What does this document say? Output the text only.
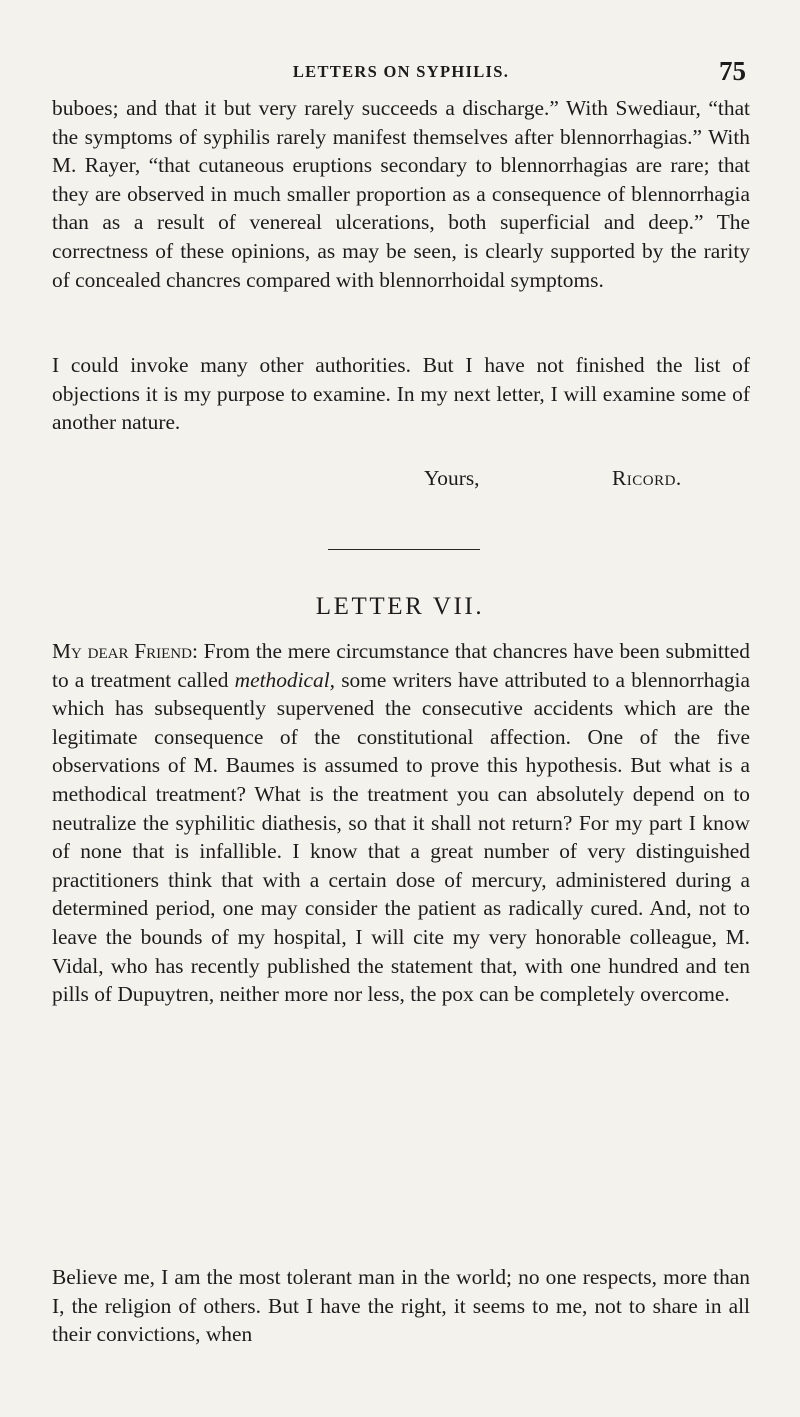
LETTERS ON SYPHILIS.	75

buboes; and that it but very rarely succeeds a discharge.” With Swediaur, “that the symptoms of syphilis rarely manifest themselves after blennorrhagias.” With M. Rayer, “that cutaneous eruptions secondary to blennorrhagias are rare; that they are observed in much smaller proportion as a consequence of blennorrhagia than as a result of venereal ulcerations, both superficial and deep.” The correctness of these opinions, as may be seen, is clearly supported by the rarity of concealed chancres compared with blennorrhoidal symptoms.

I could invoke many other authorities. But I have not finished the list of objections it is my purpose to examine. In my next letter, I will examine some of another nature.

Yours,	Ricord.
LETTER VII.

My dear Friend: From the mere circumstance that chancres have been submitted to a treatment called methodical, some writers have attributed to a blennorrhagia which has subsequently supervened the consecutive accidents which are the legitimate consequence of the constitutional affection. One of the five observations of M. Baumes is assumed to prove this hypothesis. But what is a methodical treatment? What is the treatment you can absolutely depend on to neutralize the syphilitic diathesis, so that it shall not return? For my part I know of none that is infallible. I know that a great number of very distinguished practitioners think that with a certain dose of mercury, administered during a determined period, one may consider the patient as radically cured. And, not to leave the bounds of my hospital, I will cite my very honorable colleague, M. Vidal, who has recently published the statement that, with one hundred and ten pills of Dupuytren, neither more nor less, the pox can be completely overcome.

Believe me, I am the most tolerant man in the world; no one respects, more than I, the religion of others. But I have the right, it seems to me, not to share in all their convictions, when
